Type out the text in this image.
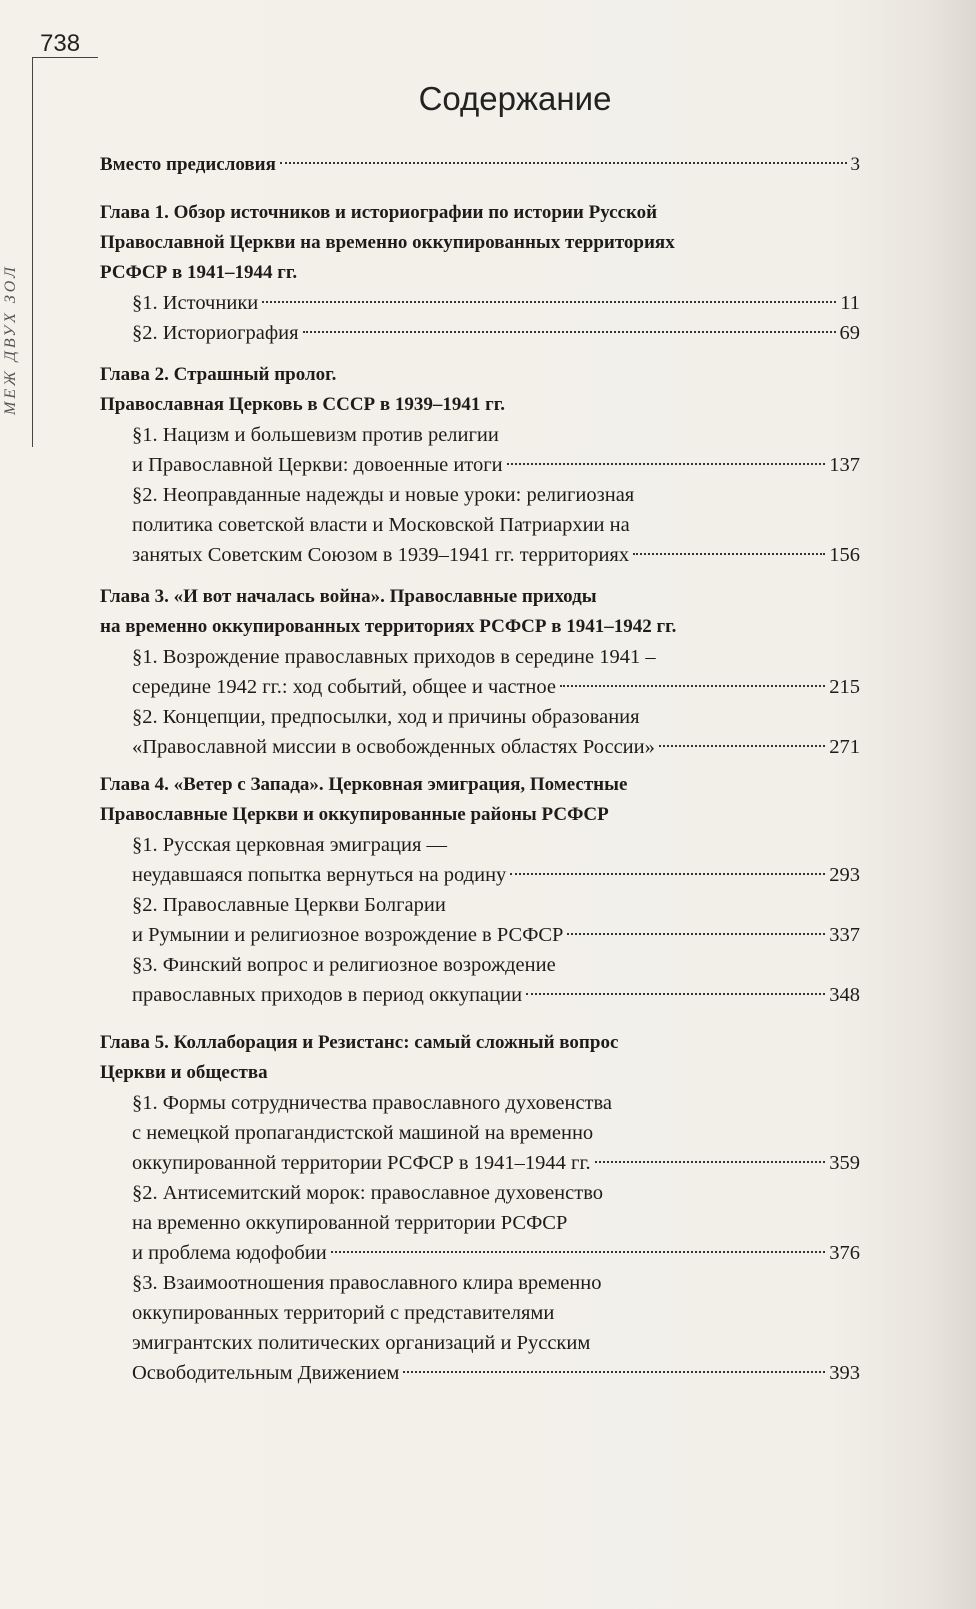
738
МЕЖ ДВУХ ЗОЛ
Содержание
Вместо предисловия	3
Глава 1. Обзор источников и историографии по истории Русской
Православной Церкви на временно оккупированных территориях
РСФСР в 1941–1944 гг.
§1. Источники	11
§2. Историография	69
Глава 2. Страшный пролог.
Православная Церковь в СССР в 1939–1941 гг.
§1. Нацизм и большевизм против религии
и Православной Церкви: довоенные итоги	137
§2. Неоправданные надежды и новые уроки: религиозная
политика советской власти и Московской Патриархии на
занятых Советским Союзом в 1939–1941 гг. территориях	156
Глава 3. «И вот началась война». Православные приходы
на временно оккупированных территориях РСФСР в 1941–1942 гг.
§1. Возрождение православных приходов в середине 1941 –
середине 1942 гг.: ход событий, общее и частное	215
§2. Концепции, предпосылки, ход и причины образования
«Православной миссии в освобожденных областях России»	271
Глава 4. «Ветер с Запада». Церковная эмиграция, Поместные
Православные Церкви и оккупированные районы РСФСР
§1. Русская церковная эмиграция —
неудавшаяся попытка вернуться на родину	293
§2. Православные Церкви Болгарии
и Румынии и религиозное возрождение в РСФСР	337
§3. Финский вопрос и религиозное возрождение
православных приходов в период оккупации	348
Глава 5. Коллаборация и Резистанс: самый сложный вопрос
Церкви и общества
§1. Формы сотрудничества православного духовенства
с немецкой пропагандистской машиной на временно
оккупированной территории РСФСР в 1941–1944 гг.	359
§2. Антисемитский морок: православное духовенство
на временно оккупированной территории РСФСР
и проблема юдофобии	376
§3. Взаимоотношения православного клира временно
оккупированных территорий с представителями
эмигрантских политических организаций и Русским
Освободительным Движением	393
